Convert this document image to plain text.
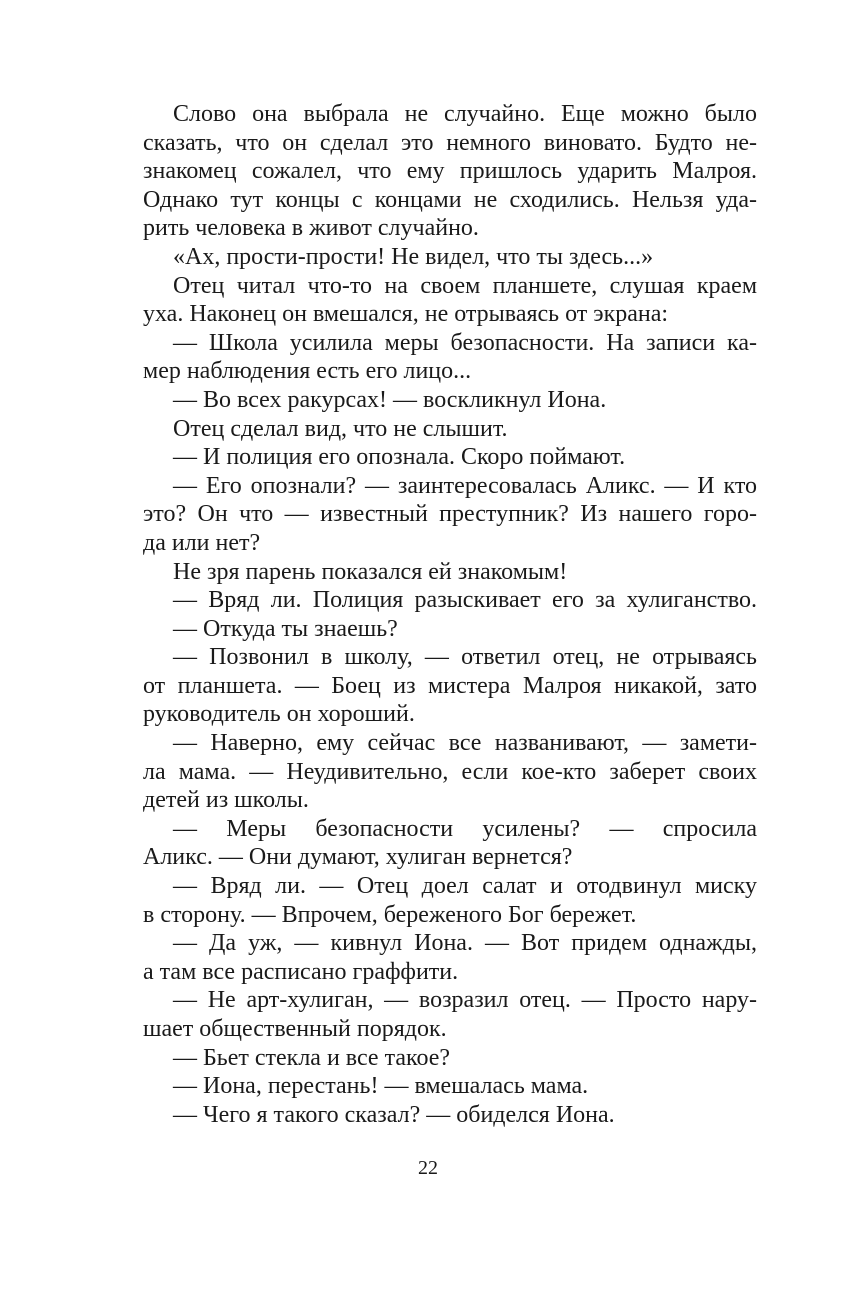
Слово она выбрала не случайно. Еще можно было
сказать, что он сделал это немного виновато. Будто не-
знакомец сожалел, что ему пришлось ударить Малроя.
Однако тут концы с концами не сходились. Нельзя уда-
рить человека в живот случайно.
«Ах, прости-прости! Не видел, что ты здесь...»
Отец читал что-то на своем планшете, слушая краем
уха. Наконец он вмешался, не отрываясь от экрана:
— Школа усилила меры безопасности. На записи ка-
мер наблюдения есть его лицо...
— Во всех ракурсах! — воскликнул Иона.
Отец сделал вид, что не слышит.
— И полиция его опознала. Скоро поймают.
— Его опознали? — заинтересовалась Аликс. — И кто
это? Он что — известный преступник? Из нашего горо-
да или нет?
Не зря парень показался ей знакомым!
— Вряд ли. Полиция разыскивает его за хулиганство.
— Откуда ты знаешь?
— Позвонил в школу, — ответил отец, не отрываясь
от планшета. — Боец из мистера Малроя никакой, зато
руководитель он хороший.
— Наверно, ему сейчас все названивают, — замети-
ла мама. — Неудивительно, если кое-кто заберет своих
детей из школы.
— Меры безопасности усилены? — спросила
Аликс. — Они думают, хулиган вернется?
— Вряд ли. — Отец доел салат и отодвинул миску
в сторону. — Впрочем, береженого Бог бережет.
— Да уж, — кивнул Иона. — Вот придем однажды,
а там все расписано граффити.
— Не арт-хулиган, — возразил отец. — Просто нару-
шает общественный порядок.
— Бьет стекла и все такое?
— Иона, перестань! — вмешалась мама.
— Чего я такого сказал? — обиделся Иона.
22
